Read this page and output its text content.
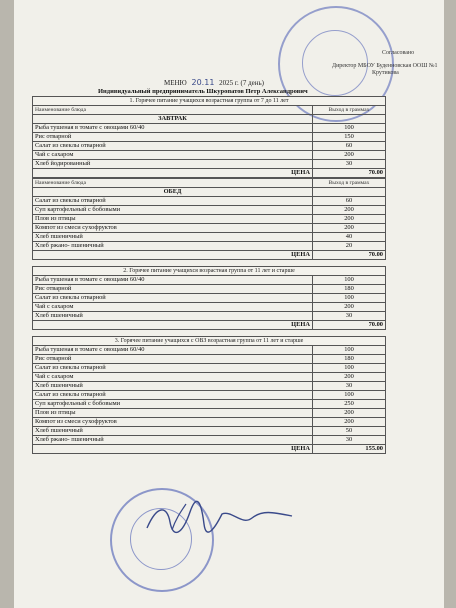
Согласовано
Директор МБОУ Буденновская ООШ №1
Крутикова
МЕНЮ 20.11 2025 г. (7 день)
Индивидуальный предприниматель Шкуропатов Петр Александрович
1. Горячее питание учащихся возрастная группа от 7 до 11 лет
Наименование блюда	Выход в граммах
ЗАВТРАК	
Рыба тушеная в томате с овощами 60/40	100
Рис отварной	150
Салат из свеклы отварной	60
Чай с сахаром	200
Хлеб йодированный	30
ЦЕНА	70.00
Наименование блюда	Выход в граммах
ОБЕД	
Салат из свеклы отварной	60
Суп картофельный с бобовыми	200
Плов из птицы	200
Компот из смеси сухофруктов	200
Хлеб пшеничный	40
Хлеб ржано- пшеничный	20
ЦЕНА	70.00
2. Горячее питание учащихся возрастная группа от 11 лет и старше
Рыба тушеная в томате с овощами 60/40	100
Рис отварной	180
Салат из свеклы отварной	100
Чай с сахаром	200
Хлеб пшеничный	30
ЦЕНА	70.00
3. Горячее питание учащихся с ОВЗ возрастная группа от 11 лет и старше
Рыба тушеная в томате с овощами 60/40	100
Рис отварной	180
Салат из свеклы отварной	100
Чай с сахаром	200
Хлеб пшеничный	30
Салат из свеклы отварной	100
Суп картофельный с бобовыми	250
Плов из птицы	200
Компот из смеси сухофруктов	200
Хлеб пшеничный	50
Хлеб ржано- пшеничный	30
ЦЕНА	155.00
